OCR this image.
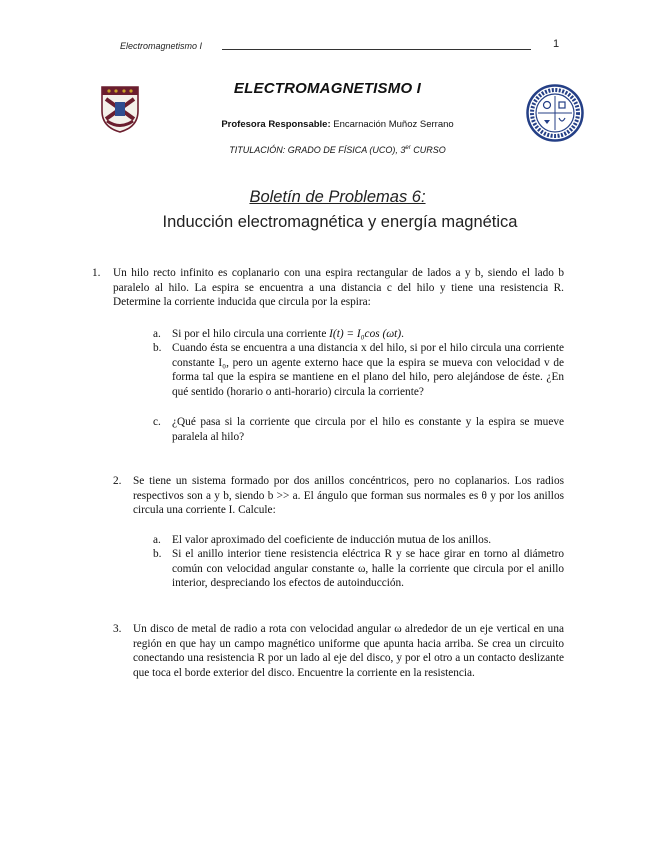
Electromagnetismo I	1
ELECTROMAGNETISMO I
Profesora Responsable: Encarnación Muñoz Serrano
TITULACIÓN: GRADO DE FÍSICA (UCO), 3er CURSO
Boletín de Problemas 6:
Inducción electromagnética y energía magnética
1. Un hilo recto infinito es coplanario con una espira rectangular de lados a y b, siendo el lado b paralelo al hilo. La espira se encuentra a una distancia c del hilo y tiene una resistencia R. Determine la corriente inducida que circula por la espira:
a. Si por el hilo circula una corriente I(t) = I₀cos (ωt).
b. Cuando ésta se encuentra a una distancia x del hilo, si por el hilo circula una corriente constante I₀, pero un agente externo hace que la espira se mueva con velocidad v de forma tal que la espira se mantiene en el plano del hilo, pero alejándose de éste. ¿En qué sentido (horario o anti-horario) circula la corriente?
c. ¿Qué pasa si la corriente que circula por el hilo es constante y la espira se mueve paralela al hilo?
2. Se tiene un sistema formado por dos anillos concéntricos, pero no coplanarios. Los radios respectivos son a y b, siendo b >> a. El ángulo que forman sus normales es θ y por los anillos circula una corriente I. Calcule:
a. El valor aproximado del coeficiente de inducción mutua de los anillos.
b. Si el anillo interior tiene resistencia eléctrica R y se hace girar en torno al diámetro común con velocidad angular constante ω, halle la corriente que circula por el anillo interior, despreciando los efectos de autoinducción.
3. Un disco de metal de radio a rota con velocidad angular ω alrededor de un eje vertical en una región en que hay un campo magnético uniforme que apunta hacia arriba. Se crea un circuito conectando una resistencia R por un lado al eje del disco, y por el otro a un contacto deslizante que toca el borde exterior del disco. Encuentre la corriente en la resistencia.
